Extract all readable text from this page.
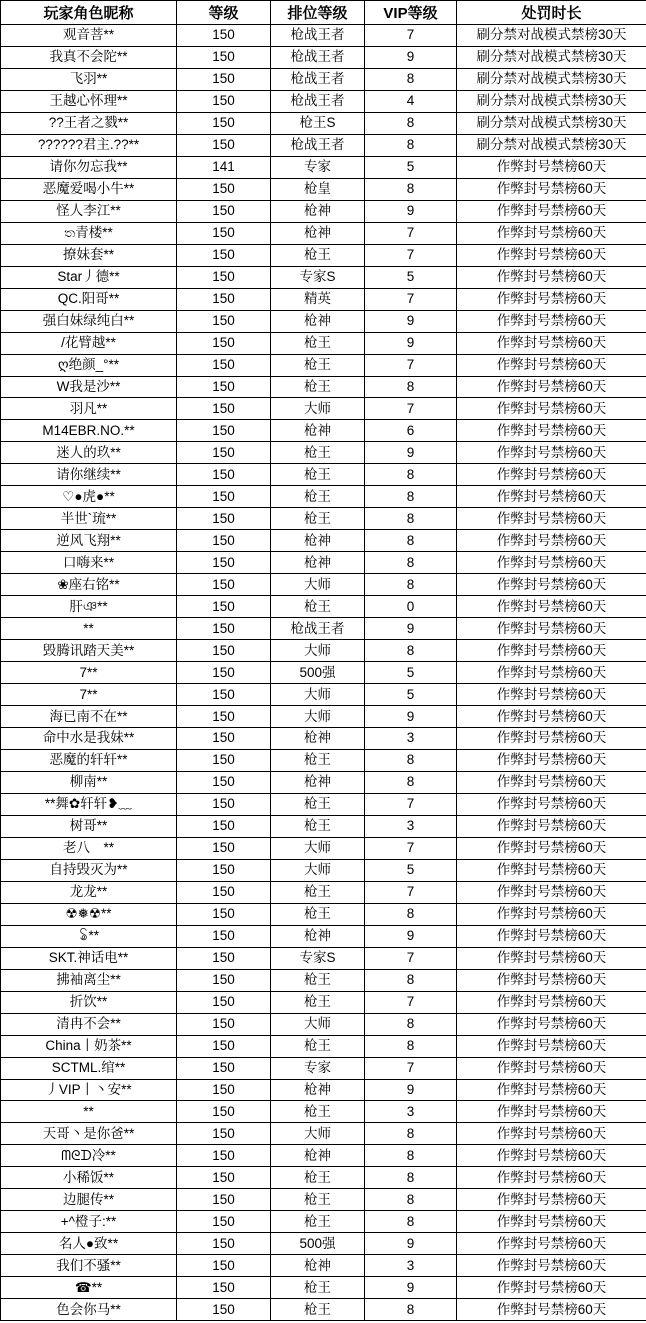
玩家角色昵称	等级	排位等级	VIP等级	处罚时长
观音菩**	150	枪战王者	7	刷分禁对战模式禁榜30天
我真不会陀**	150	枪战王者	9	刷分禁对战模式禁榜30天
飞羽**	150	枪战王者	8	刷分禁对战模式禁榜30天
王越心怀理**	150	枪战王者	4	刷分禁对战模式禁榜30天
??王者之戮**	150	枪王S	8	刷分禁对战模式禁榜30天
??????君主.??**	150	枪战王者	8	刷分禁对战模式禁榜30天
请你勿忘我**	141	专家	5	作弊封号禁榜60天
恶魔爱喝小牛**	150	枪皇	8	作弊封号禁榜60天
怪人李江**	150	枪神	9	作弊封号禁榜60天
ත青楼**	150	枪神	7	作弊封号禁榜60天
撩妹套**	150	枪王	7	作弊封号禁榜60天
Star丿德**	150	专家S	5	作弊封号禁榜60天
QC.阳哥**	150	精英	7	作弊封号禁榜60天
强白妹绿纯白**	150	枪神	9	作弊封号禁榜60天
/花臂越**	150	枪王	9	作弊封号禁榜60天
ღ绝颜_°**	150	枪王	7	作弊封号禁榜60天
W我是沙**	150	枪王	8	作弊封号禁榜60天
羽凡**	150	大师	7	作弊封号禁榜60天
M14EBR.NO.**	150	枪神	6	作弊封号禁榜60天
迷人的玖**	150	枪王	9	作弊封号禁榜60天
请你继续**	150	枪王	8	作弊封号禁榜60天
♡●虎●**	150	枪王	8	作弊封号禁榜60天
半世`琉**	150	枪王	8	作弊封号禁榜60天
逆风飞翔**	150	枪神	8	作弊封号禁榜60天
口嗨来**	150	枪神	8	作弊封号禁榜60天
❀座右铭**	150	大师	8	作弊封号禁榜60天
肝ঞ**	150	枪王	0	作弊封号禁榜60天
**	150	枪战王者	9	作弊封号禁榜60天
毁腾讯踏天美**	150	大师	8	作弊封号禁榜60天
7**	150	500强	5	作弊封号禁榜60天
7**	150	大师	5	作弊封号禁榜60天
海已南不在**	150	大师	9	作弊封号禁榜60天
命中水是我妹**	150	枪神	3	作弊封号禁榜60天
恶魔的轩轩**	150	枪王	8	作弊封号禁榜60天
柳南**	150	枪神	8	作弊封号禁榜60天
**舞✿轩轩❥﹏	150	枪王	7	作弊封号禁榜60天
树哥**	150	枪王	3	作弊封号禁榜60天
老八　**	150	大师	7	作弊封号禁榜60天
自持毁灭为**	150	大师	5	作弊封号禁榜60天
龙龙**	150	枪王	7	作弊封号禁榜60天
☢❅☢**	150	枪王	8	作弊封号禁榜60天
ꂢ**	150	枪神	9	作弊封号禁榜60天
SKT.神话电**	150	专家S	7	作弊封号禁榜60天
拂袖离尘**	150	枪王	8	作弊封号禁榜60天
折饮**	150	枪王	7	作弊封号禁榜60天
清冉不会**	150	大师	8	作弊封号禁榜60天
China丨奶茶**	150	枪王	8	作弊封号禁榜60天
SCTML.绾**	150	专家	7	作弊封号禁榜60天
丿VIP丨丶安**	150	枪神	9	作弊封号禁榜60天
**	150	枪王	3	作弊封号禁榜60天
天哥丶是你爸**	150	大师	8	作弊封号禁榜60天
ᗰᘓᗪ冷**	150	枪神	8	作弊封号禁榜60天
小稀饭**	150	枪王	8	作弊封号禁榜60天
边腿传**	150	枪王	8	作弊封号禁榜60天
+^橙子:**	150	枪王	8	作弊封号禁榜60天
名人●致**	150	500强	9	作弊封号禁榜60天
我们不骚**	150	枪神	3	作弊封号禁榜60天
☎**	150	枪王	9	作弊封号禁榜60天
色会你马**	150	枪王	8	作弊封号禁榜60天
